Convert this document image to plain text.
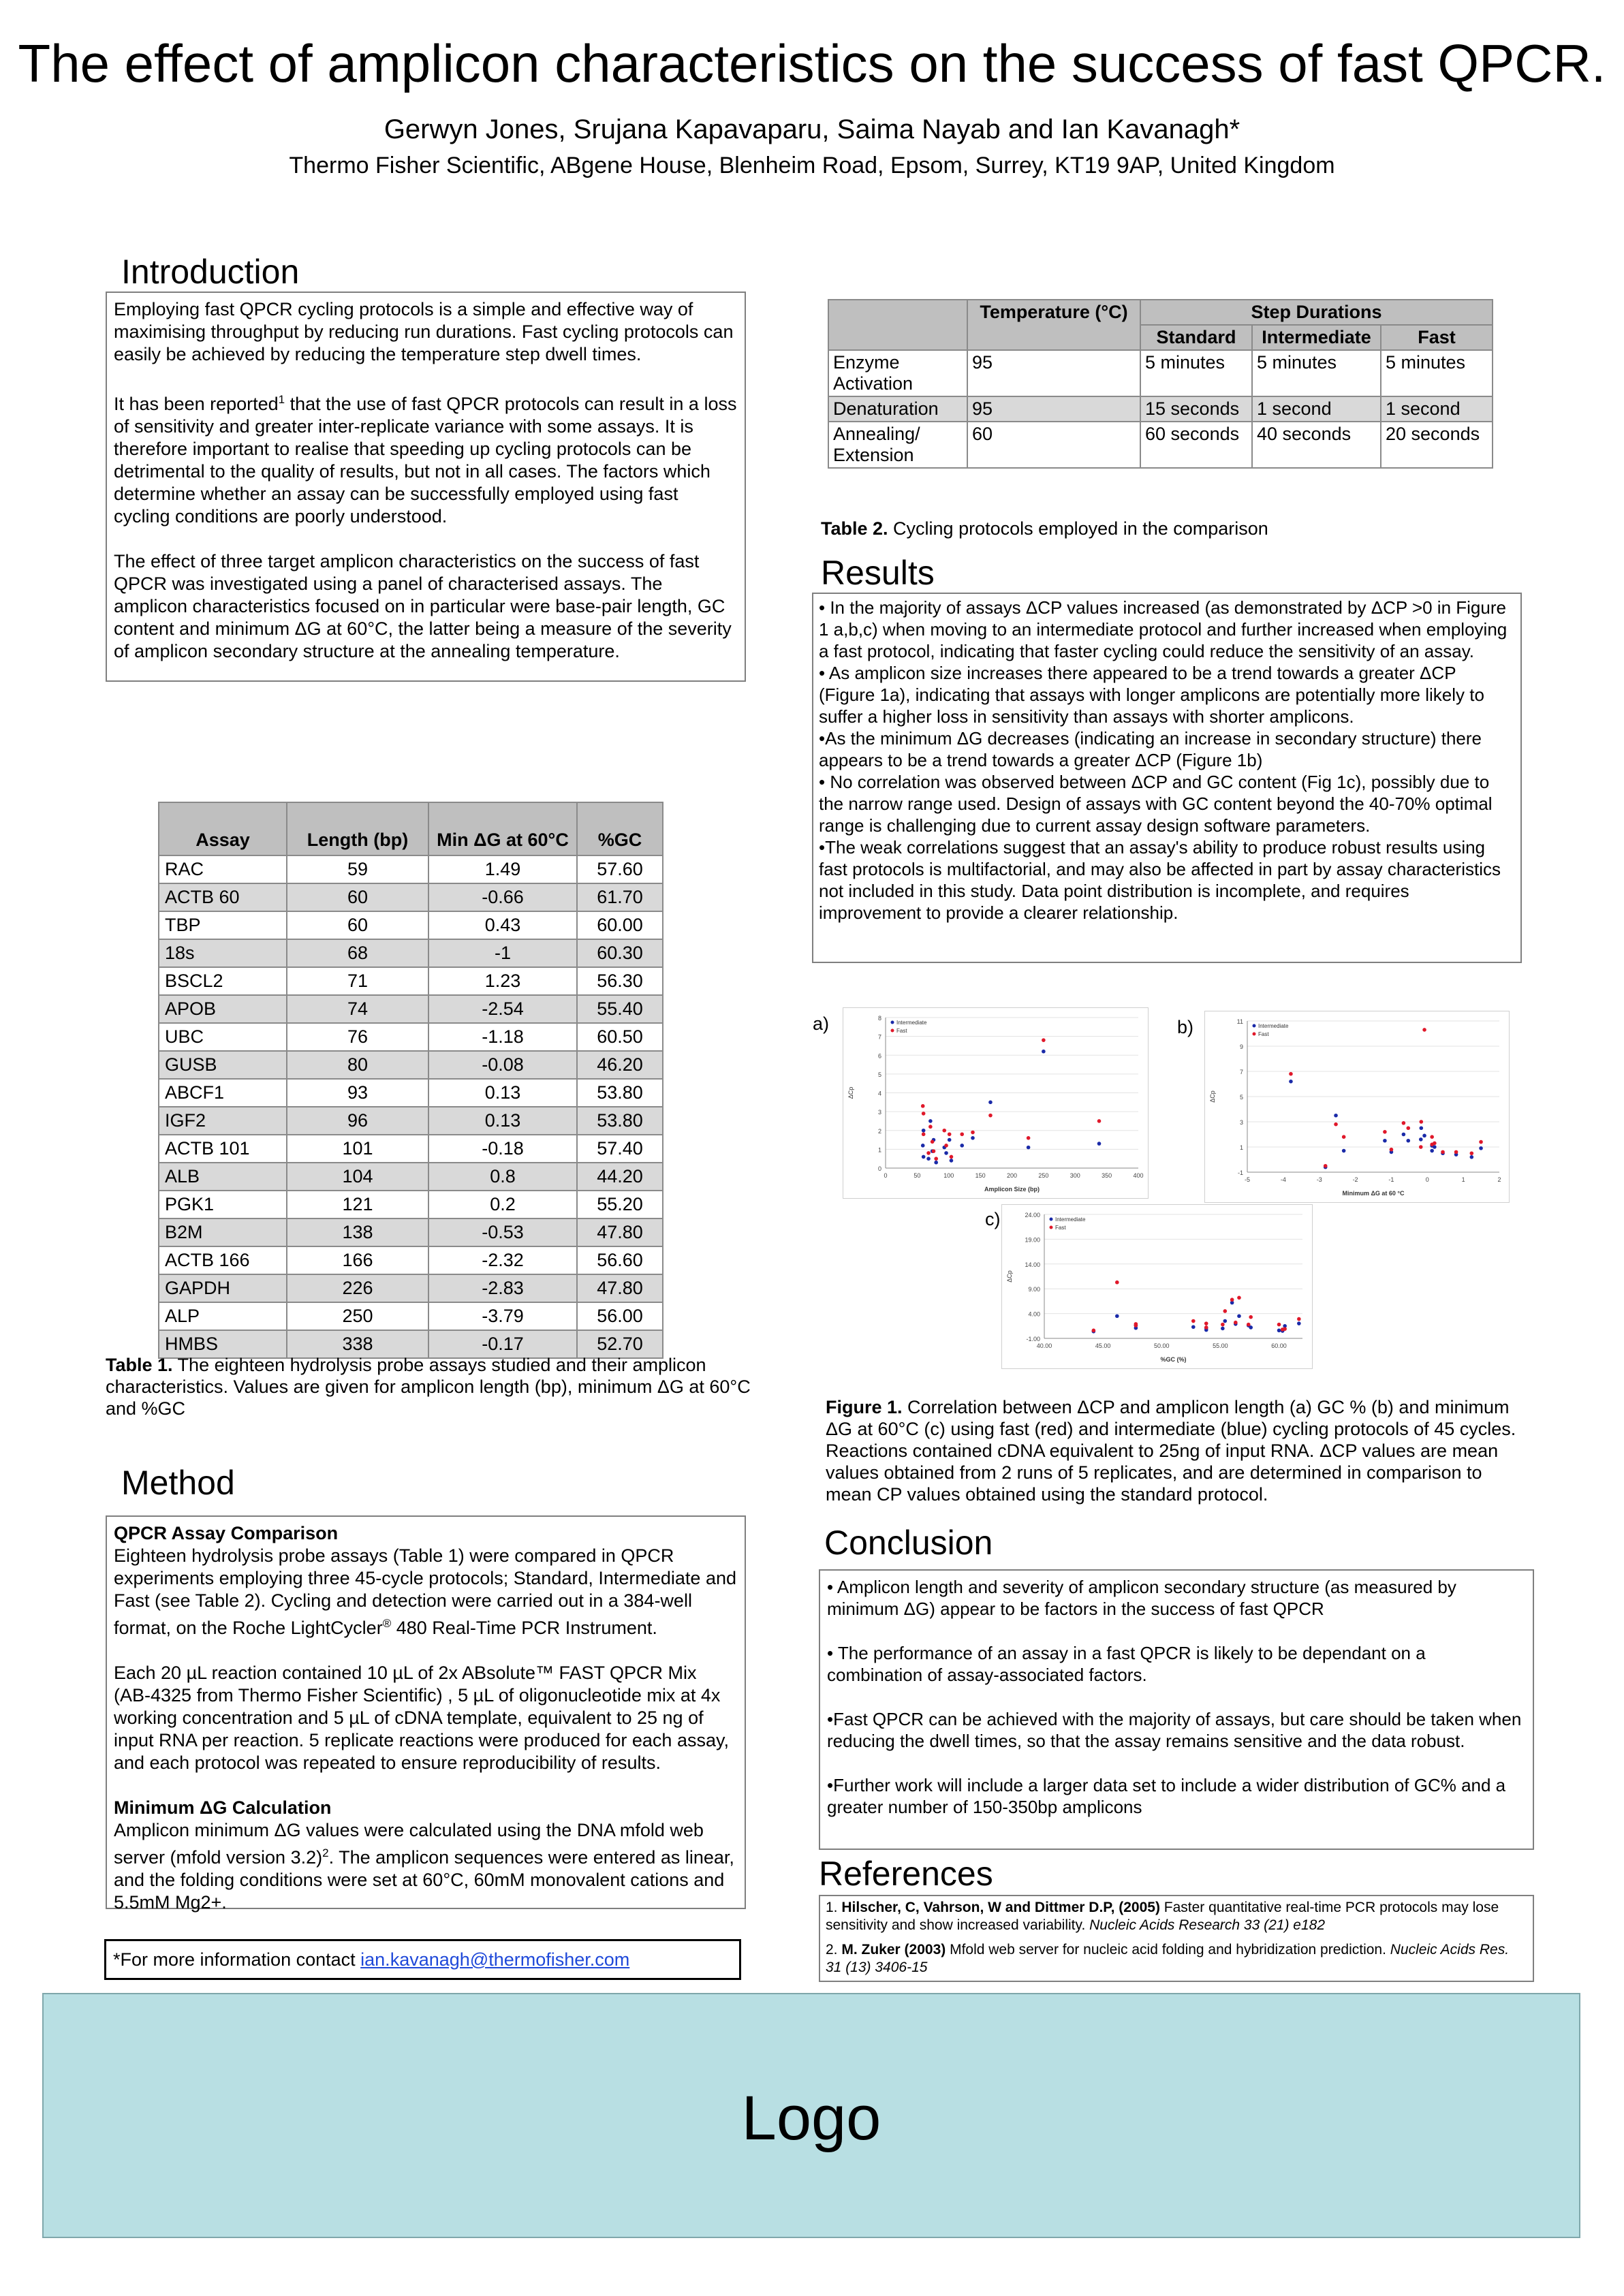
The effect of amplicon characteristics on the success of fast QPCR.
Gerwyn Jones, Srujana Kapavaparu, Saima Nayab and Ian Kavanagh*
Thermo Fisher Scientific, ABgene House, Blenheim Road, Epsom, Surrey, KT19 9AP, United Kingdom
Introduction

Employing fast QPCR cycling protocols is a simple and effective way of maximising throughput by reducing run durations. Fast cycling protocols can easily be achieved by reducing the temperature step dwell times.

It has been reported$^1$ that the use of fast QPCR protocols can result in a loss of sensitivity and greater inter-replicate variance with some assays. It is therefore important to realise that speeding up cycling protocols can be detrimental to the quality of results, but not in all cases. The factors which determine whether an assay can be successfully employed using fast cycling conditions are poorly understood.

The effect of three target amplicon characteristics on the success of fast QPCR was investigated using a panel of characterised assays. The amplicon characteristics focused on in particular were base-pair length, GC content and minimum ΔG at 60°C, the latter being a measure of the severity of amplicon secondary structure at the annealing temperature.

Assay	Length (bp)	Min ΔG at 60°C	%GC
RAC	59	1.49	57.60
ACTB 60	60	-0.66	61.70
TBP	60	0.43	60.00
18s	68	-1	60.30
BSCL2	71	1.23	56.30
APOB	74	-2.54	55.40
UBC	76	-1.18	60.50
GUSB	80	-0.08	46.20
ABCF1	93	0.13	53.80
IGF2	96	0.13	53.80
ACTB 101	101	-0.18	57.40
ALB	104	0.8	44.20
PGK1	121	0.2	55.20
B2M	138	-0.53	47.80
ACTB 166	166	-2.32	56.60
GAPDH	226	-2.83	47.80
ALP	250	-3.79	56.00
HMBS	338	-0.17	52.70
Table 1. The eighteen hydrolysis probe assays studied and their amplicon characteristics. Values are given for amplicon length (bp), minimum ΔG at 60°C and %GC
Method
QPCR Assay Comparison

Eighteen hydrolysis probe assays (Table 1) were compared in QPCR experiments employing three 45-cycle protocols; Standard, Intermediate and Fast (see Table 2). Cycling and detection were carried out in a 384-well format, on the Roche LightCycler® 480 Real-Time PCR Instrument.

Each 20 µL reaction contained 10 µL of 2x ABsolute™ FAST QPCR Mix (AB-4325 from Thermo Fisher Scientific) , 5 µL of oligonucleotide mix at 4x working concentration and 5 µL of cDNA template, equivalent to 25 ng of input RNA per reaction. 5 replicate reactions were produced for each assay, and each protocol was repeated to ensure reproducibility of results.

Minimum ΔG Calculation

Amplicon minimum ΔG values were calculated using the DNA mfold web server (mfold version 3.2)$^2$. The amplicon sequences were entered as linear, and the folding conditions were set at 60°C, 60mM monovalent cations and 5.5mM Mg2+.

*For more information contact ian.kavanagh@thermofisher.com
	Temperature (°C)	Step Durations		
		Standard	Intermediate	Fast
Enzyme Activation	95	5 minutes	5 minutes	5 minutes
Denaturation	95	15 seconds	1 second	1 second
Annealing/ Extension	60	60 seconds	40 seconds	20 seconds
Table 2. Cycling protocols employed in the comparison
Results
• In the majority of assays ΔCP values increased (as demonstrated by ΔCP >0 in Figure 1 a,b,c) when moving to an intermediate protocol and further increased when employing a fast protocol, indicating that faster cycling could reduce the sensitivity of an assay.
• As amplicon size increases there appeared to be a trend towards a greater ΔCP (Figure 1a), indicating that assays with longer amplicons are potentially more likely to suffer a higher loss in sensitivity than assays with shorter amplicons.
•As the minimum ΔG decreases (indicating an increase in secondary structure) there appears to be a trend towards a greater ΔCP (Figure 1b)
• No correlation was observed between ΔCP and GC content (Fig 1c), possibly due to the narrow range used. Design of assays with GC content beyond the 40-70% optimal range is challenging due to current assay design software parameters.
•The weak correlations suggest that an assay's ability to produce robust results using fast protocols is multifactorial, and may also be affected in part by assay characteristics not included in this study. Data point distribution is incomplete, and requires improvement to provide a clearer relationship.
a)	b)
c)
0
1
2
3
4
5
6
7
8
0	50	100	150	200	250	300	350	400
Amplicon Size (bp)
ΔCp
Intermediate
Fast
-1
1
3
5
7
9
11
-5	-4	-3	-2	-1	0	1	2
Minimum ΔG at 60 °C
ΔCp
Intermediate
Fast
-1.00
4.00
9.00
14.00
19.00
24.00
40.00	45.00	50.00	55.00	60.00
%GC (%)
ΔCp
Intermediate
Fast
Figure 1. Correlation between ΔCP and amplicon length (a) GC % (b) and minimum ΔG at 60°C (c) using fast (red) and intermediate (blue) cycling protocols of 45 cycles. Reactions contained cDNA equivalent to 25ng of input RNA. ΔCP values are mean values obtained from 2 runs of 5 replicates, and are determined in comparison to mean CP values obtained using the standard protocol.
Conclusion

• Amplicon length and severity of amplicon secondary structure (as measured by minimum ΔG) appear to be factors in the success of fast QPCR

• The performance of an assay in a fast QPCR is likely to be dependant on a combination of assay-associated factors.

•Fast QPCR can be achieved with the majority of assays, but care should be taken when reducing the dwell times, so that the assay remains sensitive and the data robust.

•Further work will include a larger data set to include a wider distribution of GC% and a greater number of 150-350bp amplicons

References
1. Hilscher, C, Vahrson, W and Dittmer D.P, (2005) Faster quantitative real-time PCR protocols may lose sensitivity and show increased variability. Nucleic Acids Research 33 (21) e182
2. M. Zuker (2003) Mfold web server for nucleic acid folding and hybridization prediction. Nucleic Acids Res. 31 (13) 3406-15
Logo
